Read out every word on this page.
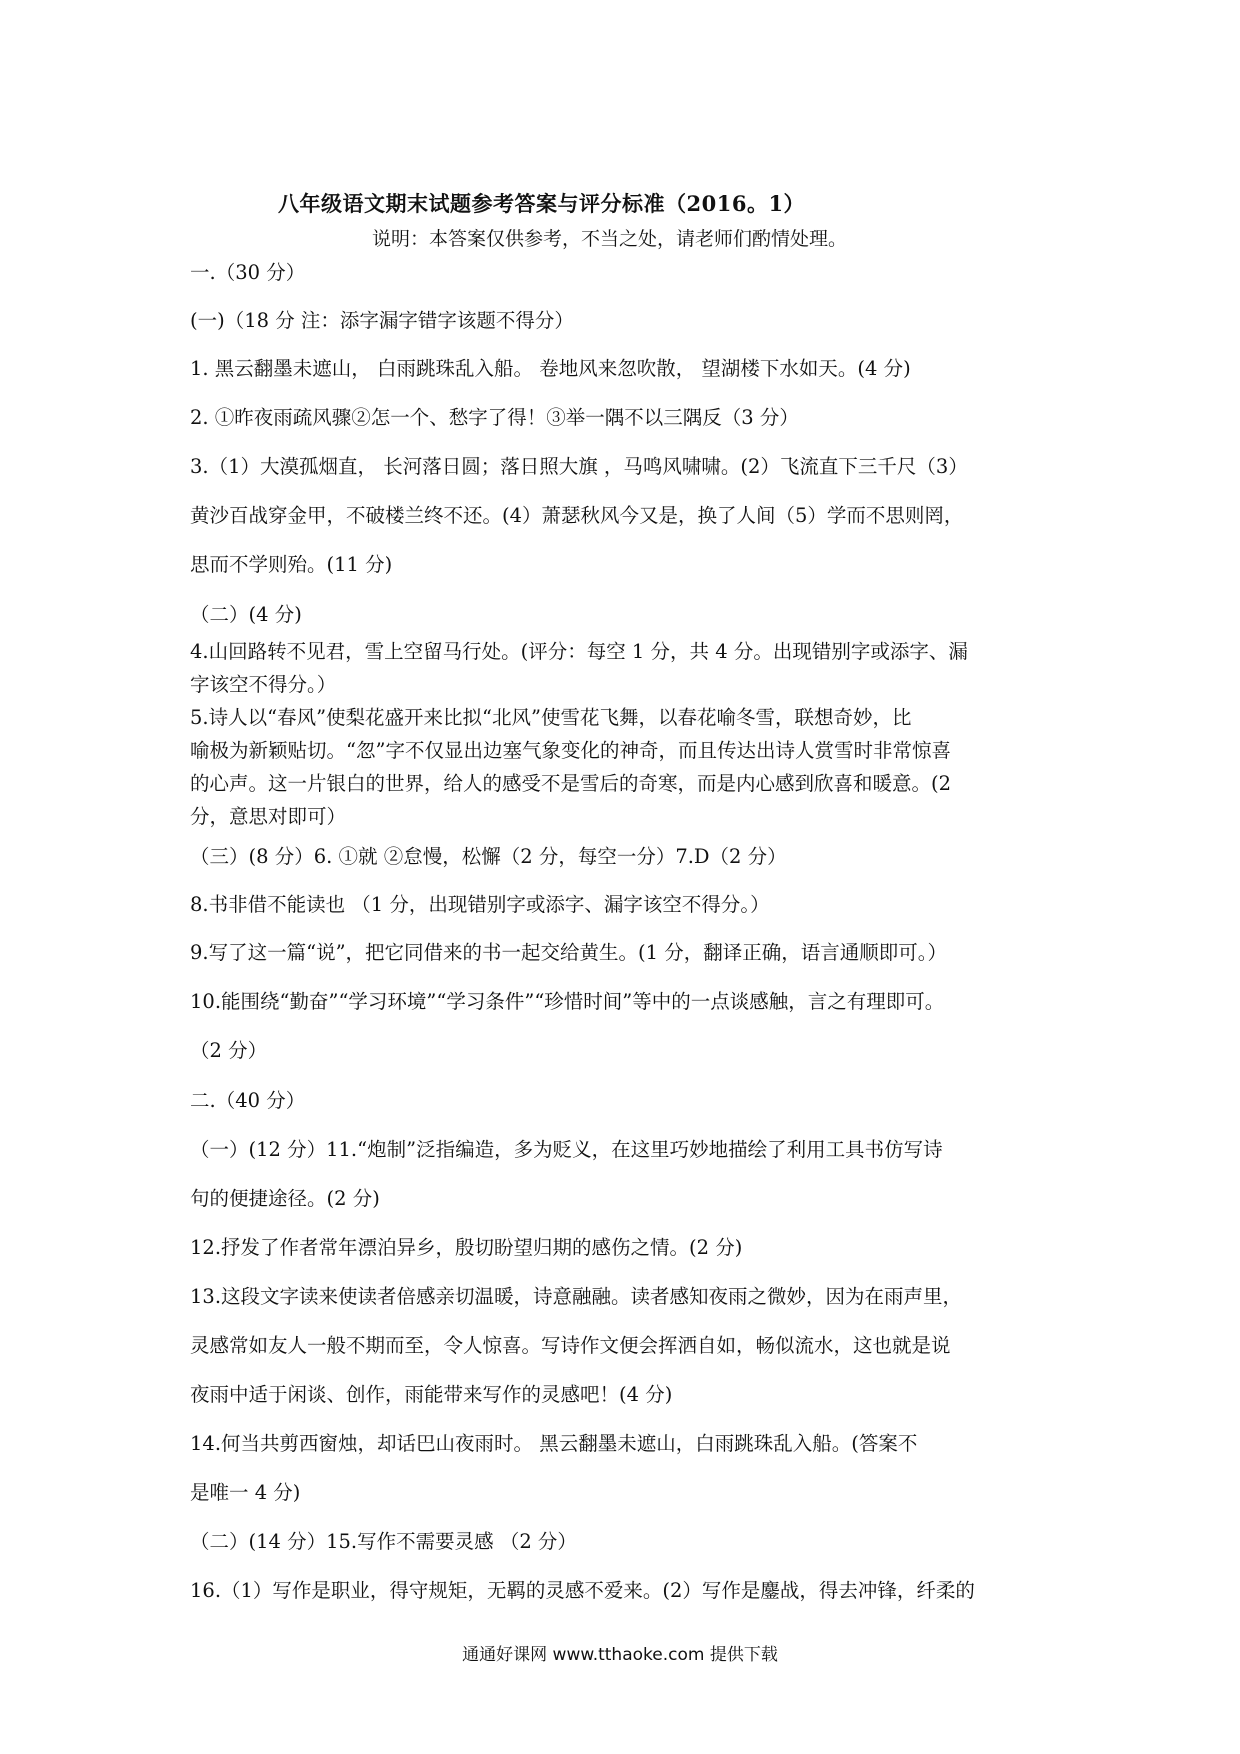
八年级语文期末试题参考答案与评分标准（2016。1）
说明：本答案仅供参考，不当之处，请老师们酌情处理。
一.（30 分）
(一)（18 分 注：添字漏字错字该题不得分）
1. 黑云翻墨未遮山， 白雨跳珠乱入船。 卷地风来忽吹散， 望湖楼下水如天。(4 分)
2. ①昨夜雨疏风骤②怎一个、愁字了得！③举一隅不以三隅反（3 分）
3.（1）大漠孤烟直， 长河落日圆；落日照大旗 ，马鸣风啸啸。(2）飞流直下三千尺（3）
黄沙百战穿金甲，不破楼兰终不还。(4）萧瑟秋风今又是，换了人间（5）学而不思则罔，
思而不学则殆。(11 分)
（二）(4 分)
4.山回路转不见君，雪上空留马行处。(评分：每空 1 分，共 4 分。出现错别字或添字、漏
字该空不得分。）
5.诗人以“春风”使梨花盛开来比拟“北风”使雪花飞舞，以春花喻冬雪，联想奇妙，比
喻极为新颖贴切。“忽”字不仅显出边塞气象变化的神奇，而且传达出诗人赏雪时非常惊喜
的心声。这一片银白的世界，给人的感受不是雪后的奇寒，而是内心感到欣喜和暖意。(2
分，意思对即可）
（三）(8 分）6. ①就 ②怠慢，松懈（2 分，每空一分）7.D（2 分）
8.书非借不能读也 （1 分，出现错别字或添字、漏字该空不得分。）
9.写了这一篇“说”，把它同借来的书一起交给黄生。(1 分，翻译正确，语言通顺即可。）
10.能围绕“勤奋”“学习环境”“学习条件”“珍惜时间”等中的一点谈感触，言之有理即可。
（2 分）
二.（40 分）
（一）(12 分）11.“炮制”泛指编造，多为贬义，在这里巧妙地描绘了利用工具书仿写诗
句的便捷途径。(2 分)
12.抒发了作者常年漂泊异乡，殷切盼望归期的感伤之情。(2 分)
13.这段文字读来使读者倍感亲切温暖，诗意融融。读者感知夜雨之微妙，因为在雨声里，
灵感常如友人一般不期而至，令人惊喜。写诗作文便会挥洒自如，畅似流水，这也就是说
夜雨中适于闲谈、创作，雨能带来写作的灵感吧！(4 分)
14.何当共剪西窗烛，却话巴山夜雨时。 黑云翻墨未遮山，白雨跳珠乱入船。(答案不
是唯一 4 分)
（二）(14 分）15.写作不需要灵感 （2 分）
16.（1）写作是职业，得守规矩，无羁的灵感不爱来。(2）写作是鏖战，得去冲锋，纤柔的
通通好课网 www.tthaoke.com 提供下载
